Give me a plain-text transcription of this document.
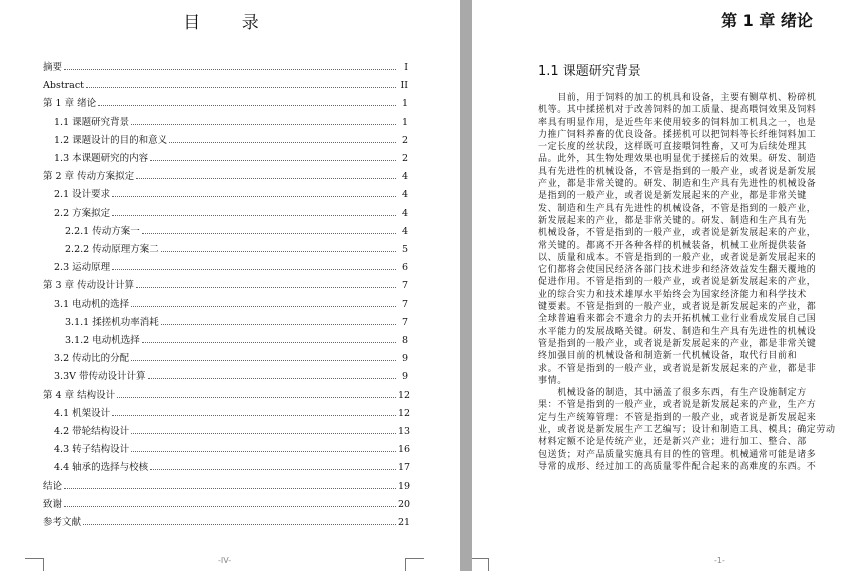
目 录
摘要	I
Abstract	II
第 1 章 绪论	1
1.1 课题研究背景	1
1.2 课题设计的目的和意义	2
1.3 本课题研究的内容	2
第 2 章 传动方案拟定	4
2.1 设计要求	4
2.2 方案拟定	4
2.2.1 传动方案一	4
2.2.2 传动原理方案二	5
2.3 运动原理	6
第 3 章 传动设计计算	7
3.1 电动机的选择	7
3.1.1 揉搓机功率消耗	7
3.1.2 电动机选择	8
3.2 传动比的分配	9
3.3V 带传动设计计算	9
第 4 章 结构设计	12
4.1 机架设计	12
4.2 带轮结构设计	13
4.3 转子结构设计	16
4.4 轴承的选择与校核	17
结论	19
致谢	20
参考文献	21
-IV-
第 1 章 绪论
1.1 课题研究背景

　　目前，用于饲料的加工的机具和设备，主要有铡草机、粉碎机

机等。其中揉搓机对于改善饲料的加工质量、提高喂饲效果及饲料

率具有明显作用，是近些年来使用较多的饲料加工机具之一，也是

力推广饲料养畜的优良设备。揉搓机可以把饲料等长纤维饲料加工

一定长度的丝状段，这样既可直接喂饲牲畜，又可为后续处理其

品。此外，其生物处理效果也明显优于揉搓后的效果。研发、制造

具有先进性的机械设备，不管是指到的一般产业，或者说是新发展

产业，都是非常关键的。研发、制造和生产具有先进性的机械设备

是指到的一般产业，或者说是新发展起来的产业，都是非常关键

发、制造和生产具有先进性的机械设备，不管是指到的一般产业，

新发展起来的产业，都是非常关键的。研发、制造和生产具有先

机械设备，不管是指到的一般产业，或者说是新发展起来的产业，

常关键的。都离不开各种各样的机械装备，机械工业所提供装备

以、质量和成本。不管是指到的一般产业，或者说是新发展起来的

它们都将会使国民经济各部门技术进步和经济效益发生翻天覆地的

促进作用。不管是指到的一般产业，或者说是新发展起来的产业，

业的综合实力和技术雄厚水平始终会为国家经济能力和科学技术

键要素。不管是指到的一般产业，或者说是新发展起来的产业，都

全球普遍看来都会不遗余力的去开拓机械工业行业看成发展自己国

水平能力的发展战略关键。研发、制造和生产具有先进性的机械设

管是指到的一般产业，或者说是新发展起来的产业，都是非常关键

终加强目前的机械设备和制造新一代机械设备，取代行目前和

求。不管是指到的一般产业，或者说是新发展起来的产业，都是非

事情。

　　机械设备的制造，其中涵盖了很多东西，有生产设施制定方

果：不管是指到的一般产业，或者说是新发展起来的产业，生产方

定与生产统筹管理：不管是指到的一般产业，或者说是新发展起来

业，或者说是新发展生产工艺编写；设计和制造工具、模具；确定劳动

材料定额不论是传统产业，还是新兴产业；进行加工、整合、部

包送货；对产品质量实施具有目的性的管理。机械通常可能是诸多

导常的成形、经过加工的高质量零件配合起来的高难度的东西。不

-1-
